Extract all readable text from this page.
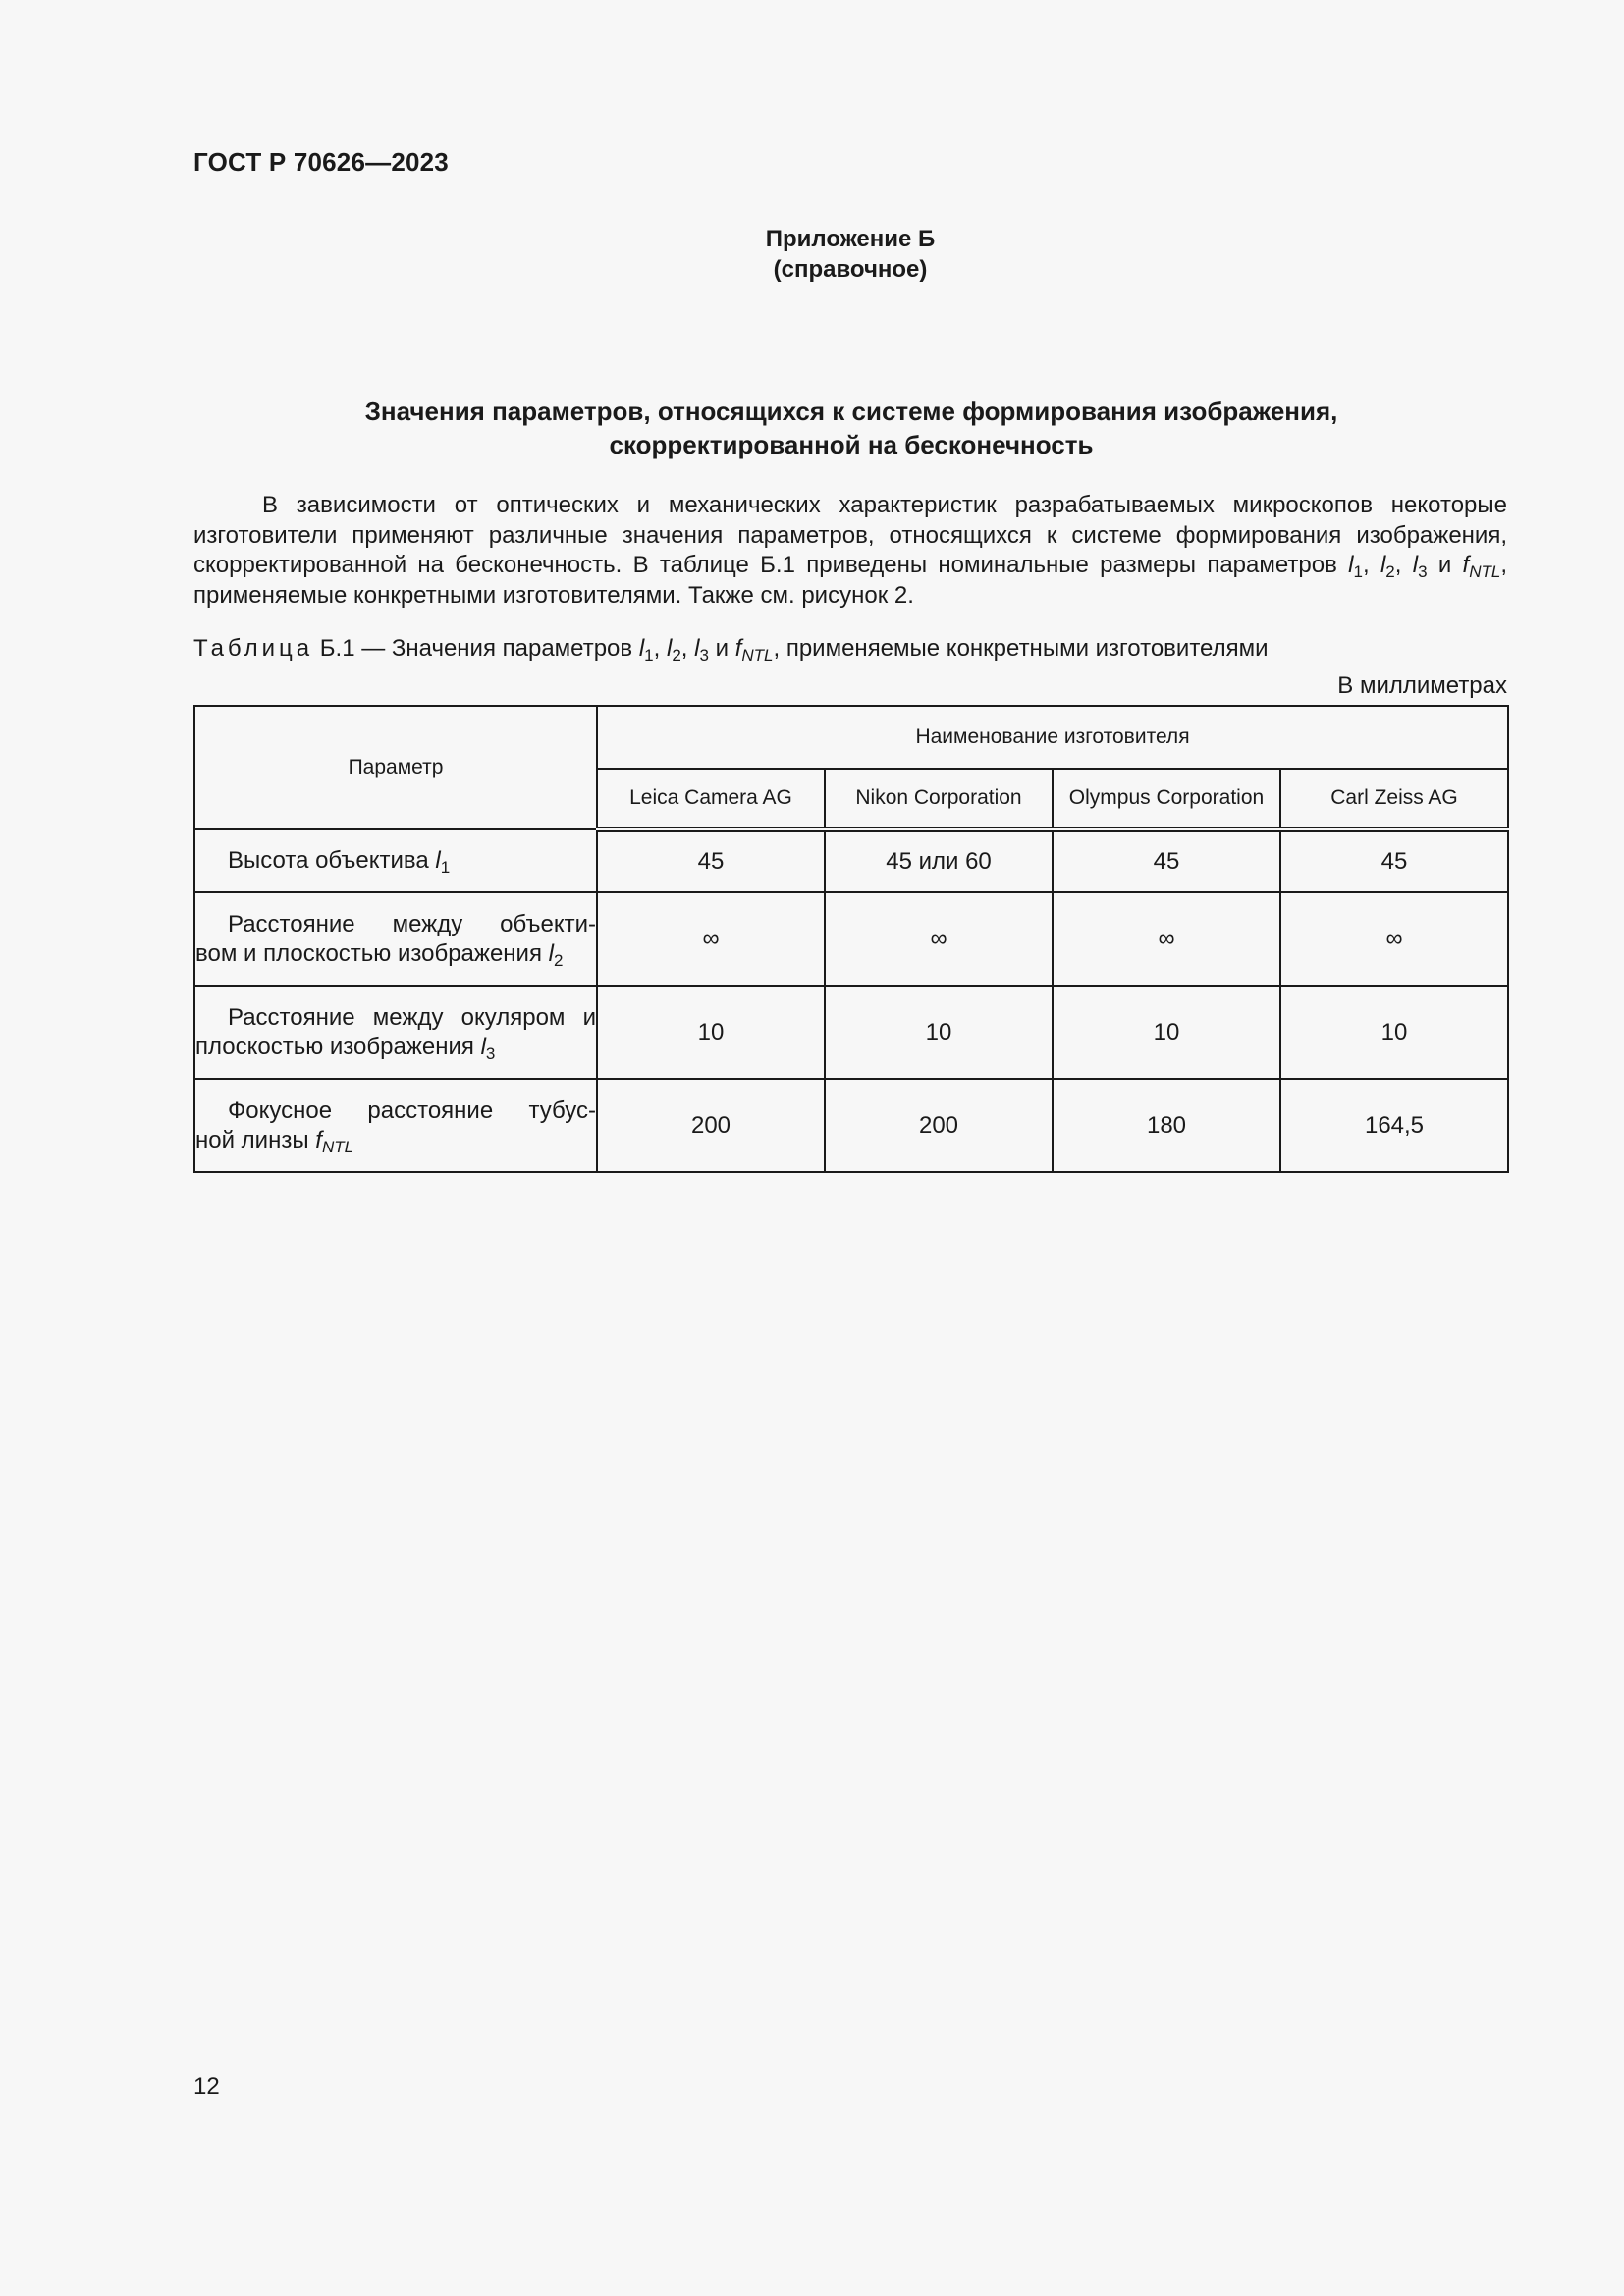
ГОСТ Р 70626—2023
Приложение Б
(справочное)
Значения параметров, относящихся к системе формирования изображения,
скорректированной на бесконечность

В зависимости от оптических и механических характеристик разрабатываемых микроскопов некоторые изготовители применяют различные значения параметров, относящихся к системе формирования изображения, скорректированной на бесконечность. В таблице Б.1 приведены номинальные размеры параметров $l_1$, $l_2$, $l_3$ и $f_{NTL}$, применяемые конкретными изготовителями. Также см. рисунок 2.

Таблица Б.1 — Значения параметров $l_1$, $l_2$, $l_3$ и $f_{NTL}$, применяемые конкретными изготовителями
В миллиметрах
Параметр	Наименование изготовителя			
	Leica Camera AG	Nikon Corporation	Olympus Corporation	Carl Zeiss AG

Высота объектива $l_1$	45	45 или 60	45	45

Расстояние между объекти-
вом и плоскостью изображения $l_2$	∞	∞	∞	∞

Расстояние между окуляром и
плоскостью изображения $l_3$	10	10	10	10

Фокусное расстояние тубус-
ной линзы $f_{NTL}$	200	200	180	164,5
12
